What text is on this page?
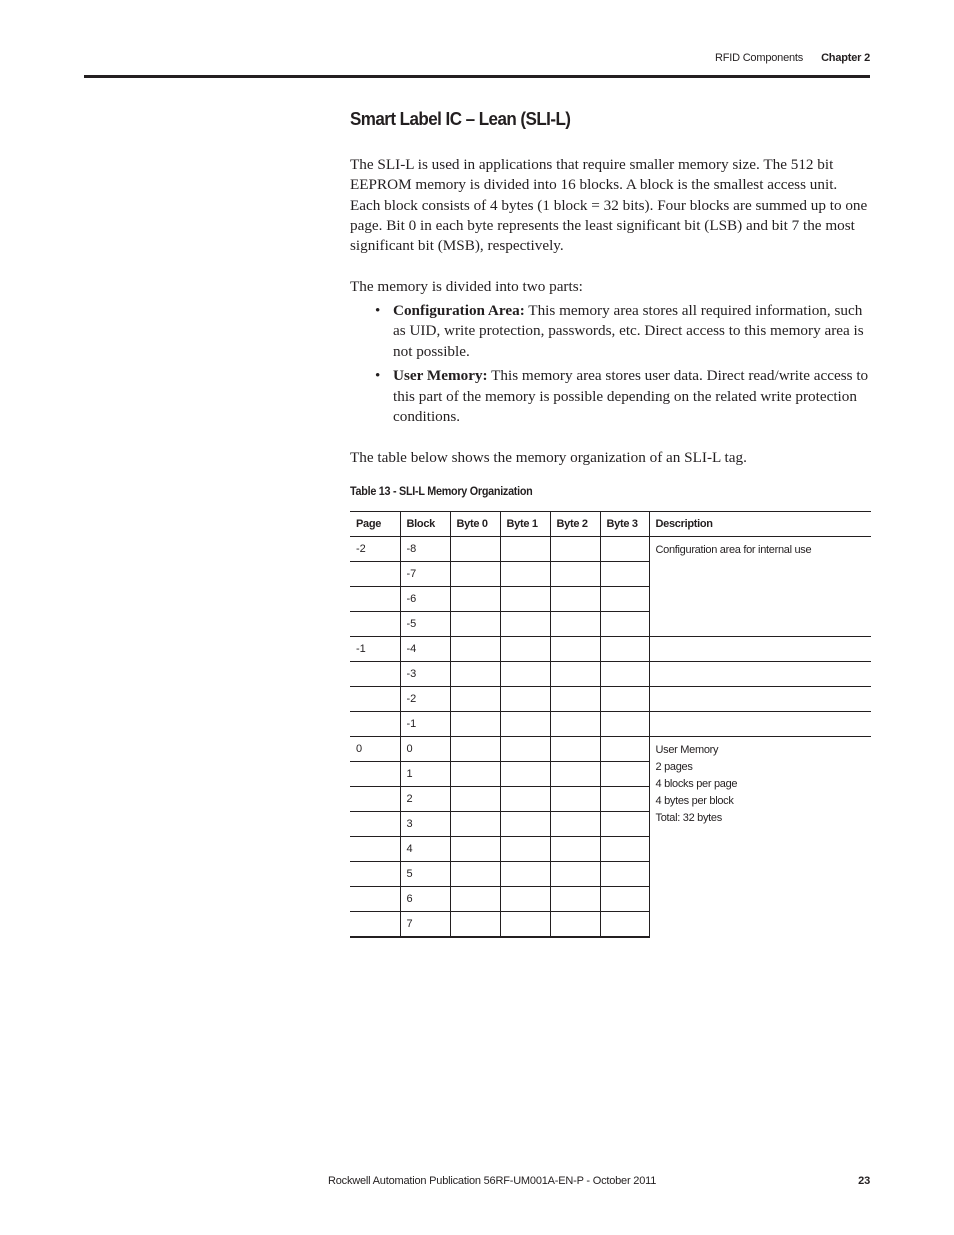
RFID Components Chapter 2
Smart Label IC – Lean (SLI-L)

The SLI-L is used in applications that require smaller memory size. The 512 bit EEPROM memory is divided into 16 blocks. A block is the smallest access unit. Each block consists of 4 bytes (1 block = 32 bits). Four blocks are summed up to one page. Bit 0 in each byte represents the least significant bit (LSB) and bit 7 the most significant bit (MSB), respectively.

The memory is divided into two parts:

• Configuration Area: This memory area stores all required information, such as UID, write protection, passwords, etc. Direct access to this memory area is not possible.
• User Memory: This memory area stores user data. Direct read/write access to this part of the memory is possible depending on the related write protection conditions.

The table below shows the memory organization of an SLI-L tag.

Table 13 - SLI-L Memory Organization
Page	Block	Byte 0	Byte 1	Byte 2	Byte 3	Description
-2	-8					Configuration area for internal use
	-7					
	-6					
	-5					
-1	-4					
	-3					
	-2					
	-1					
0	0					User Memory
2 pages
4 blocks per page
4 bytes per block
Total: 32 bytes

	1					
	2					
	3					
	4					
	5					
	6					
	7					
Rockwell Automation Publication 56RF-UM001A-EN-P - October 2011	23
